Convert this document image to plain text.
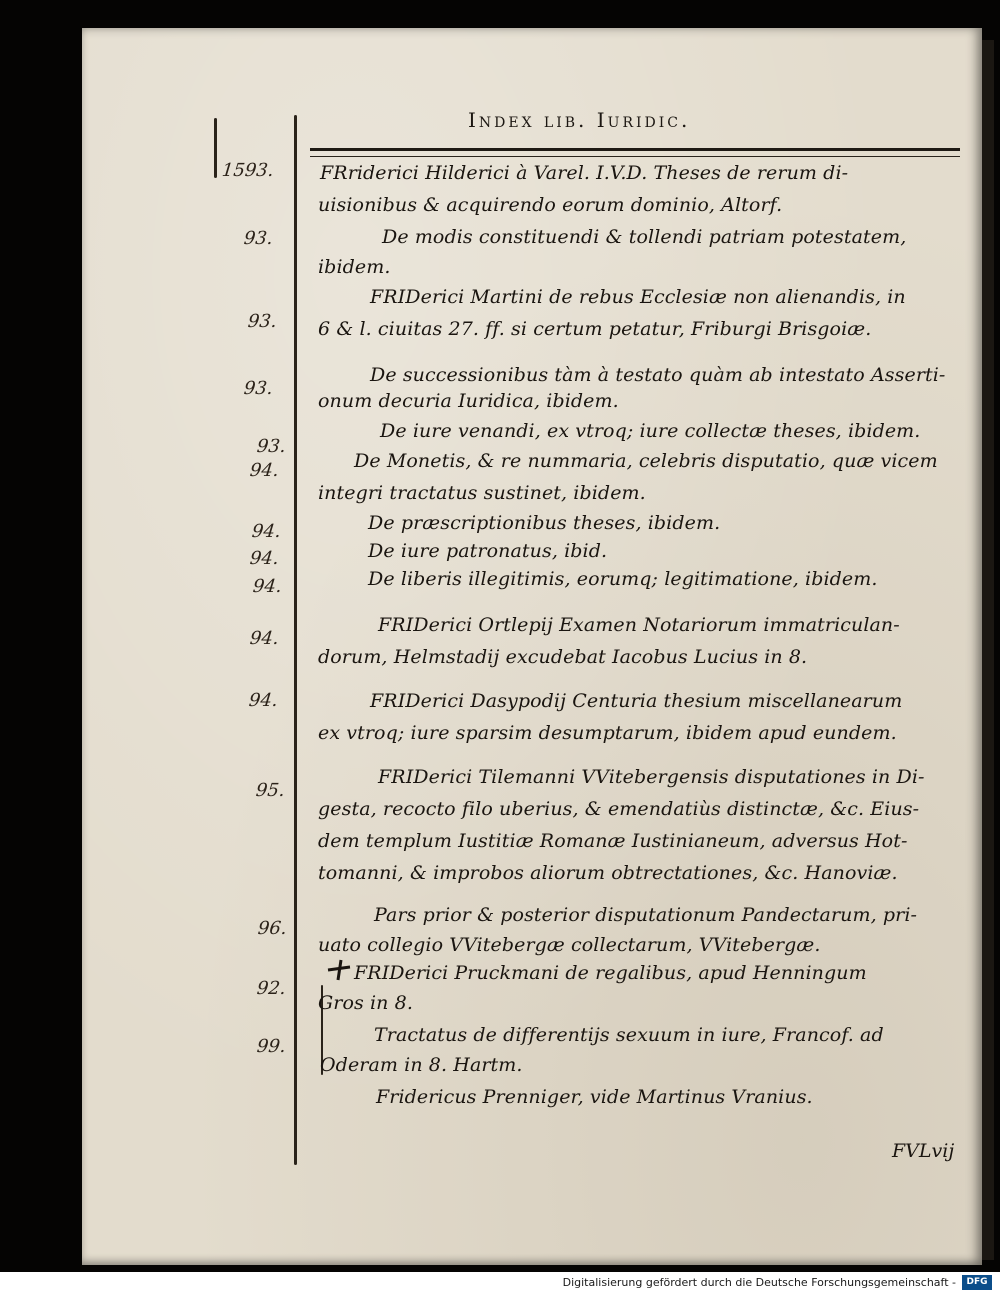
Index lib. Iuridic.
1593.
93.
93.
93.
93.
94.
94.
94.
94.
94.
94.
95.
96.
92.
99.
FRriderici Hilderici à Varel. I.V.D. Theses de rerum di-
uisionibus & acquirendo eorum dominio, Altorf.
De modis constituendi & tollendi patriam potestatem,
ibidem.
FRIDerici Martini de rebus Ecclesiæ non alienandis, in
6 & l. ciuitas 27. ff. si certum petatur, Friburgi Brisgoiæ.
De successionibus tàm à testato quàm ab intestato Asserti-
onum decuria Iuridica, ibidem.
De iure venandi, ex vtroq; iure collectæ theses, ibidem.
De Monetis, & re nummaria, celebris disputatio, quæ vicem
integri tractatus sustinet, ibidem.
De præscriptionibus theses, ibidem.
De iure patronatus, ibid.
De liberis illegitimis, eorumq; legitimatione, ibidem.
FRIDerici Ortlepij Examen Notariorum immatriculan-
dorum, Helmstadij excudebat Iacobus Lucius in 8.
FRIDerici Dasypodij Centuria thesium miscellanearum
ex vtroq; iure sparsim desumptarum, ibidem apud eundem.
FRIDerici Tilemanni VVitebergensis disputationes in Di-
gesta, recocto filo uberius, & emendatiùs distinctæ, &c. Eius-
dem templum Iustitiæ Romanæ Iustinianeum, adversus Hot-
tomanni, & improbos aliorum obtrectationes, &c. Hanoviæ.
Pars prior & posterior disputationum Pandectarum, pri-
uato collegio VVitebergæ collectarum, VVitebergæ.
FRIDerici Pruckmani de regalibus, apud Henningum
Gros in 8.
Tractatus de differentijs sexuum in iure, Francof. ad
Oderam in 8. Hartm.
Fridericus Prenniger, vide Martinus Vranius.
FVLvij
Digitalisierung gefördert durch die Deutsche Forschungsgemeinschaft -	DFG
